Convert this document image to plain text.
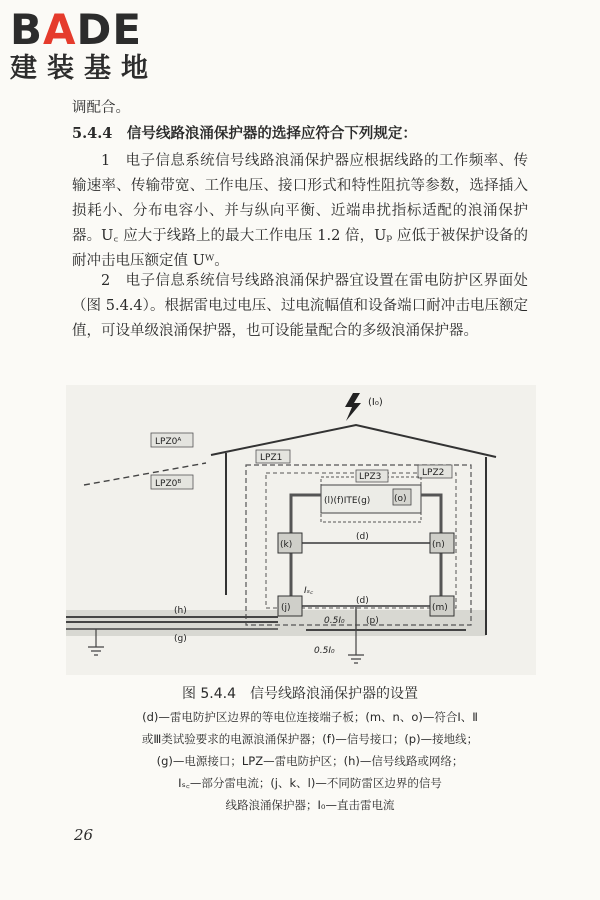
BADE
建装基地
调配合。
5.4.4　信号线路浪涌保护器的选择应符合下列规定：
1　电子信息系统信号线路浪涌保护器应根据线路的工作频率、传输速率、传输带宽、工作电压、接口形式和特性阻抗等参数，选择插入损耗小、分布电容小、并与纵向平衡、近端串扰指标适配的浪涌保护器。U꜀ 应大于线路上的最大工作电压 1.2 倍，Uₚ 应低于被保护设备的耐冲击电压额定值 Uᵂ。
2　电子信息系统信号线路浪涌保护器宜设置在雷电防护区界面处（图 5.4.4）。根据雷电过电压、过电流幅值和设备端口耐冲击电压额定值，可设单级浪涌保护器，也可设能量配合的多级浪涌保护器。
(I₀)
LPZ0ᴬ
LPZ0ᴮ
LPZ1
LPZ2
LPZ3
(l)(f)ITE(g)	(o)
(d)
(d)
(k)	(n)
(j)	(m)
Iₛ꜀
(h)
(g)
0.5I₀ (p)
0.5I₀
图 5.4.4　信号线路浪涌保护器的设置
(d)—雷电防护区边界的等电位连接端子板；(m、n、o)—符合Ⅰ、Ⅱ
或Ⅲ类试验要求的电源浪涌保护器；(f)—信号接口；(p)—接地线；
(g)—电源接口；LPZ—雷电防护区；(h)—信号线路或网络；
Iₛ꜀—部分雷电流；(j、k、l)—不同防雷区边界的信号
线路浪涌保护器；I₀—直击雷电流
26
